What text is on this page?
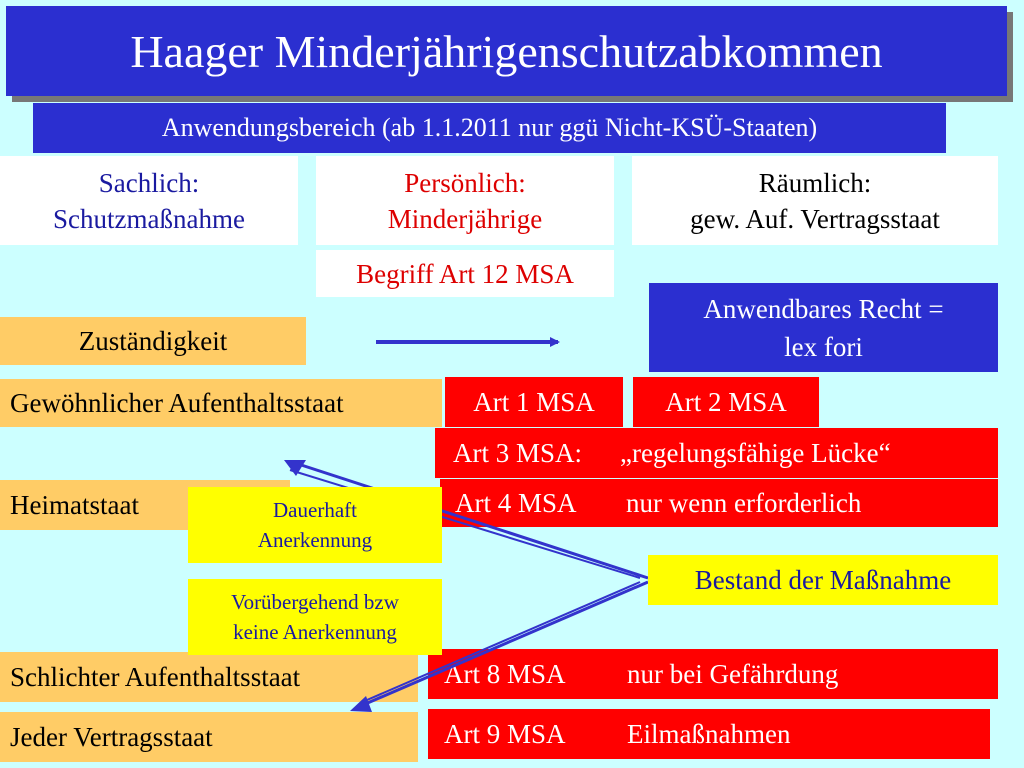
Haager Minderjährigenschutzabkommen
Anwendungsbereich (ab 1.1.2011 nur ggü Nicht-KSÜ-Staaten)
Sachlich:
Schutzmaßnahme
Persönlich:
Minderjährige
Räumlich:
gew. Auf. Vertragsstaat
Begriff Art 12 MSA
Zuständigkeit
Anwendbares Recht =
lex fori
Gewöhnlicher Aufenthaltsstaat	Art 1 MSA	Art 2 MSA
Art 3 MSA: „regelungsfähige Lücke“
Heimatstaat	Art 4 MSA nur wenn erforderlich
Schlichter Aufenthaltsstaat	Art 8 MSA nur bei Gefährdung
Jeder Vertragsstaat	Art 9 MSA Eilmaßnahmen
Dauerhaft
Anerkennung
Vorübergehend bzw
keine Anerkennung
Bestand der Maßnahme
